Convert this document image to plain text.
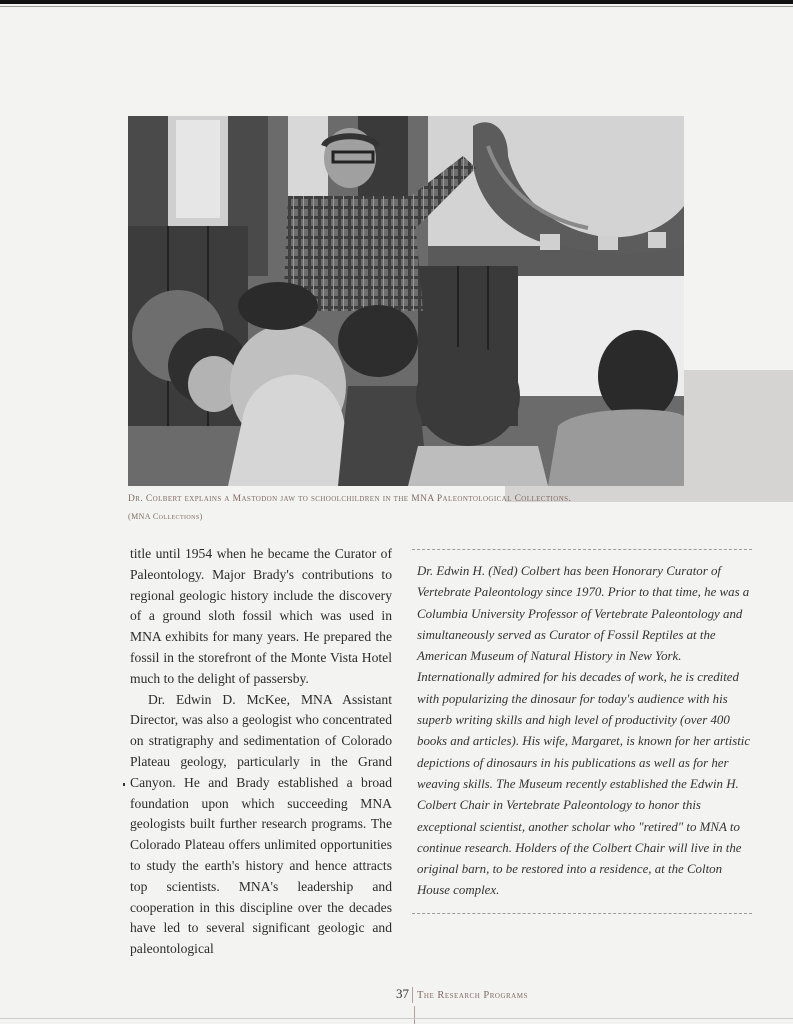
Dr. Colbert explains a Mastodon jaw to schoolchildren in the MNA Paleontological Collections.
(MNA Collections)

title until 1954 when he became the Curator of Paleontology. Major Brady's contributions to regional geologic history include the discovery of a ground sloth fossil which was used in MNA exhibits for many years. He prepared the fossil in the storefront of the Monte Vista Hotel much to the delight of passersby.

Dr. Edwin D. McKee, MNA Assistant Director, was also a geologist who concentrated on stratigraphy and sedimentation of Colorado Plateau geology, particularly in the Grand Canyon. He and Brady established a broad foundation upon which succeeding MNA geologists built further research programs. The Colorado Plateau offers unlimited opportunities to study the earth's history and hence attracts top scientists. MNA's leadership and cooperation in this discipline over the decades have led to several significant geologic and paleontological

Dr. Edwin H. (Ned) Colbert has been Honorary Curator of Vertebrate Paleontology since 1970. Prior to that time, he was a Columbia University Professor of Vertebrate Paleontology and simultaneously served as Curator of Fossil Reptiles at the American Museum of Natural History in New York. Internationally admired for his decades of work, he is credited with popularizing the dinosaur for today's audience with his superb writing skills and high level of productivity (over 400 books and articles). His wife, Margaret, is known for her artistic depictions of dinosaurs in his publications as well as for her weaving skills. The Museum recently established the Edwin H. Colbert Chair in Vertebrate Paleontology to honor this exceptional scientist, another scholar who "retired" to MNA to continue research. Holders of the Colbert Chair will live in the original barn, to be restored into a residence, at the Colton House complex.

37 The Research Programs
